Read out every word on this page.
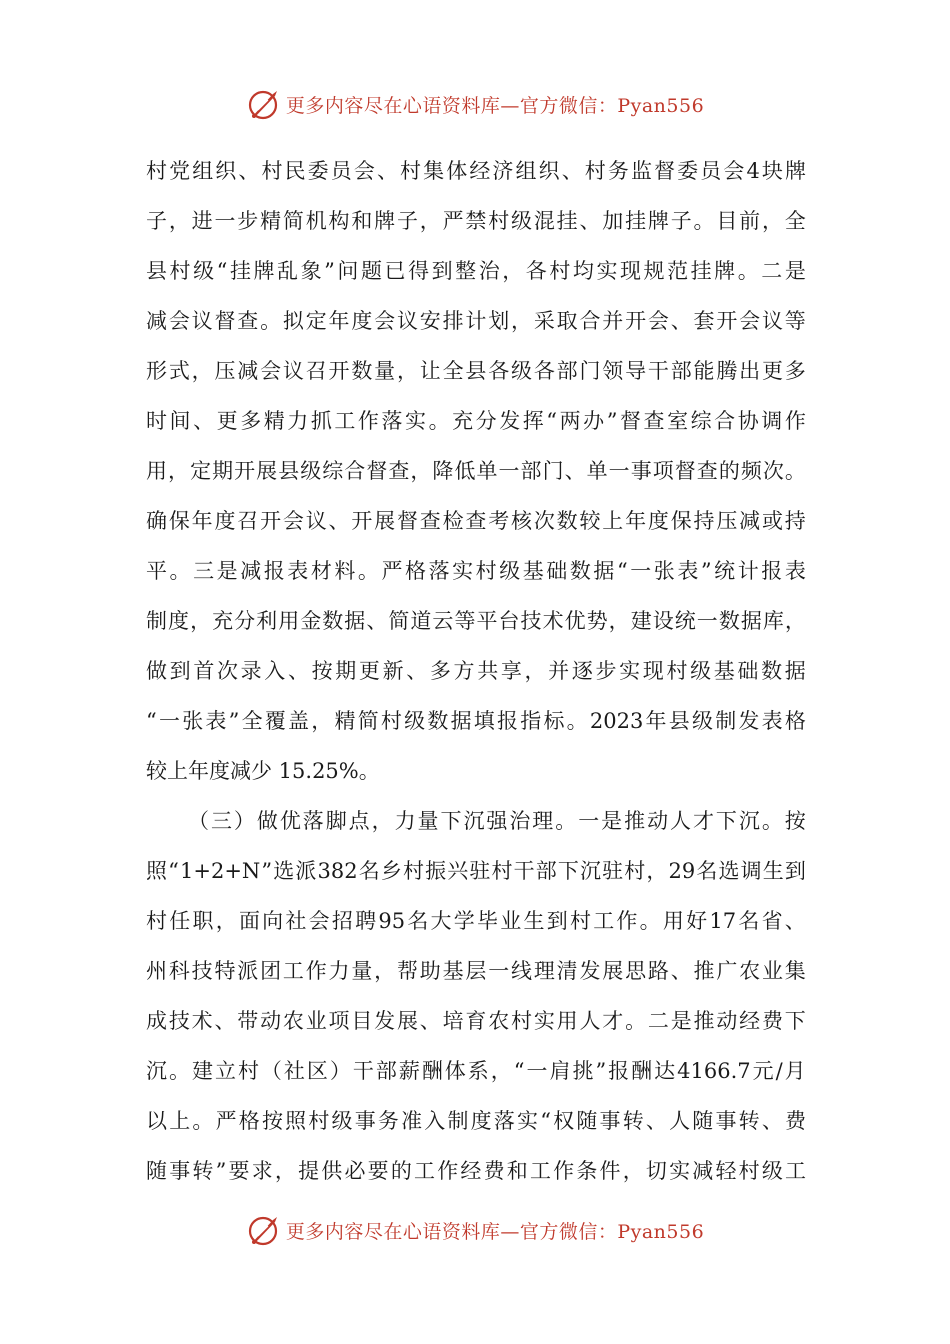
更多内容尽在心语资料库—官方微信：Pyan556
村 党 组 织 、 村 民 委 员 会 、 村 集 体 经 济 组 织 、 村 务 监 督 委 员 会 4 块 牌
子 ， 进 一 步 精 简 机 构 和 牌 子 ， 严 禁 村 级 混 挂 、 加 挂 牌 子 。 目 前 ， 全
县 村 级 “ 挂 牌 乱 象 ” 问 题 已 得 到 整 治 ， 各 村 均 实 现 规 范 挂 牌 。 二 是
减 会 议 督 查 。 拟 定 年 度 会 议 安 排 计 划 ， 采 取 合 并 开 会 、 套 开 会 议 等
形 式 ， 压 减 会 议 召 开 数 量 ， 让 全 县 各 级 各 部 门 领 导 干 部 能 腾 出 更 多
时 间 、 更 多 精 力 抓 工 作 落 实 。 充 分 发 挥 “ 两 办 ” 督 查 室 综 合 协 调 作
用 ， 定 期 开 展 县 级 综 合 督 查 ， 降 低 单 一 部 门 、 单 一 事 项 督 查 的 频 次 。
确 保 年 度 召 开 会 议 、 开 展 督 查 检 查 考 核 次 数 较 上 年 度 保 持 压 减 或 持
平 。 三 是 减 报 表 材 料 。 严 格 落 实 村 级 基 础 数 据 “ 一 张 表 ” 统 计 报 表
制 度 ， 充 分 利 用 金 数 据 、 简 道 云 等 平 台 技 术 优 势 ， 建 设 统 一 数 据 库 ，
做 到 首 次 录 入 、 按 期 更 新 、 多 方 共 享 ， 并 逐 步 实 现 村 级 基 础 数 据
“ 一 张 表 ” 全 覆 盖 ， 精 简 村 级 数 据 填 报 指 标 。 2023 年 县 级 制 发 表 格
较上年度减少 15.25%。
（ 三 ） 做 优 落 脚 点 ， 力 量 下 沉 强 治 理 。 一 是 推 动 人 才 下 沉 。 按
照 “ 1+2+N ” 选 派 382 名 乡 村 振 兴 驻 村 干 部 下 沉 驻 村 ， 29 名 选 调 生 到
村 任 职 ， 面 向 社 会 招 聘 95 名 大 学 毕 业 生 到 村 工 作 。 用 好 17 名 省 、
州 科 技 特 派 团 工 作 力 量 ， 帮 助 基 层 一 线 理 清 发 展 思 路 、 推 广 农 业 集
成 技 术 、 带 动 农 业 项 目 发 展 、 培 育 农 村 实 用 人 才 。 二 是 推 动 经 费 下
沉 。 建 立 村 （ 社 区 ） 干 部 薪 酬 体 系 ， “ 一 肩 挑 ” 报 酬 达 4166.7 元 / 月
以 上 。 严 格 按 照 村 级 事 务 准 入 制 度 落 实 “ 权 随 事 转 、 人 随 事 转 、 费
随 事 转 ” 要 求 ， 提 供 必 要 的 工 作 经 费 和 工 作 条 件 ， 切 实 减 轻 村 级 工
更多内容尽在心语资料库—官方微信：Pyan556
